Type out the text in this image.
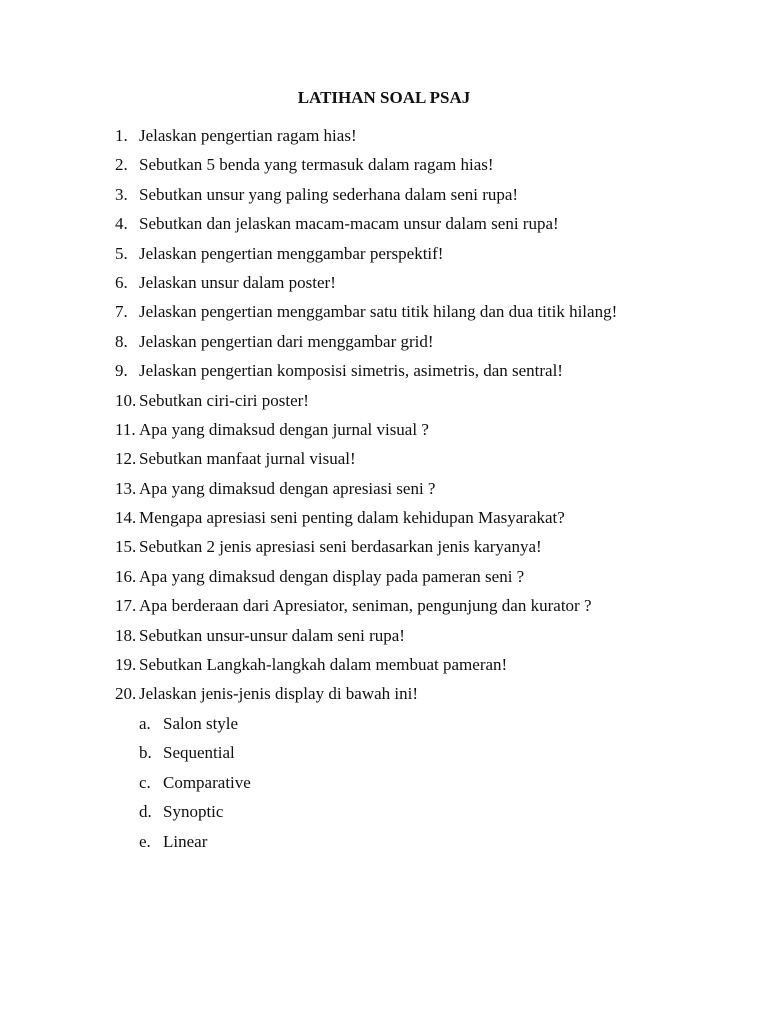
LATIHAN SOAL PSAJ
1. Jelaskan pengertian ragam hias!
2. Sebutkan 5 benda yang termasuk dalam ragam hias!
3. Sebutkan unsur yang paling sederhana dalam seni rupa!
4. Sebutkan dan jelaskan macam-macam unsur dalam seni rupa!
5. Jelaskan pengertian menggambar perspektif!
6. Jelaskan unsur dalam poster!
7. Jelaskan pengertian menggambar satu titik hilang dan dua titik hilang!
8. Jelaskan pengertian dari menggambar grid!
9. Jelaskan pengertian komposisi simetris, asimetris, dan sentral!
10. Sebutkan ciri-ciri poster!
11. Apa yang dimaksud dengan jurnal visual ?
12. Sebutkan manfaat jurnal visual!
13. Apa yang dimaksud dengan apresiasi seni ?
14. Mengapa apresiasi seni penting dalam kehidupan Masyarakat?
15. Sebutkan 2 jenis apresiasi seni berdasarkan jenis karyanya!
16. Apa yang dimaksud dengan display pada pameran seni ?
17. Apa berderaan dari Apresiator, seniman, pengunjung dan kurator ?
18. Sebutkan unsur-unsur dalam seni rupa!
19. Sebutkan Langkah-langkah dalam membuat pameran!
20. Jelaskan jenis-jenis display di bawah ini!
a. Salon style
b. Sequential
c. Comparative
d. Synoptic
e. Linear
